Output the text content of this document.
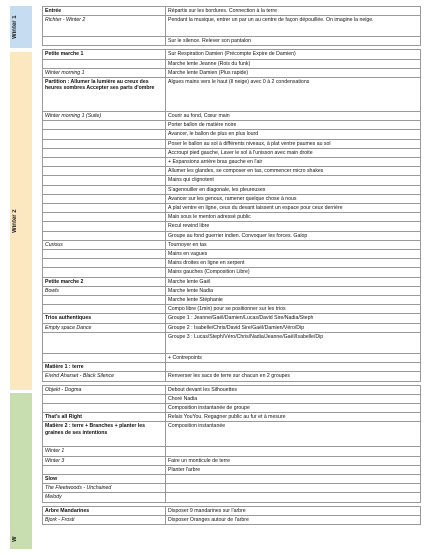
Winter 1
Winter 2
W
Entrée	Répartis sur les bordures. Connection à la terre
Richter - Winter 2	Pendant la musique, entrer un par un au centre de façon dépouillée. On imagine la neige.
	Sur le silence. Relever son pantalon

Petite marche 1	Sur Respiration Damien (Précompte Expire de Damien)
	Marche lente Jeanne (Rois du funk)
Winter morning 1	Marche lente Damien (Plus rapide)
Partition : Allumer la lumière au creux des heures sombres Accepter ses parts d'ombre	Algues mains vers le haut (Il neige) avec 0 à 2 condensations
Winter morning 1 (Suite)	Courir au fond, Cœur main
	Porter ballon de matière noire
	Avancer, le ballon de plus en plus lourd
	Poser le ballon au sol à différents niveaux, à plat ventre paumes au sol
	Accroupi pied gauche, Laver le sol à l'unisson avec main droite
	+ Expansions arrière bras gauche en l'air
	Allumer les glandes, se composer en tas, commencer micro shakes
	Mains qui clignotent
	S'agenouiller en diagonale, les pleureuses
	Avancer sur les genoux, ramener quelque chose à nous
	A plat ventre en ligne, ceux du devant laissent un espace pour ceux derrière
	Main sous le menton adressé public
	Recul rewind libre
	Groupe au fond guerrier indien. Convoquer les forces. Galop
Curious	Tournoyer en tas
	Mains en vagues
	Mains droites en ligne en serpent
	Mains gauches (Composition Libre)
Petite marche 2	Marche lente Gaël
Bowls	Marche lente Nadia
	Marche lente Stéphanie
	Compo libre (1min) pour se positionner sur les trios
Trios authentiques	Groupe 1 : Jeanne/Gaël/Damien/Lucas/David Sire/Nadia/Steph
Empty space Dance	Groupe 2 : Isabelle/Chris/David Sire/Gaël/Damien/Véro/Dip
	Groupe 3 : Lucas/Steph/Véro/Chris/Nadia/Jeanne/Gaël/Isabelle/Dip
	+ Contrepoints
Matière 1 : terre	
Eivind Aharset - Black Silence	Renverser les sacs de terre sur chacun en 2 groupes

Objekt - Dogma	Debout devant les Silhouettes
	Choré Nadia
	Composition instantanée de groupe
That's all Right	Relais YouYou. Regagner public au fur et à mesure
Matière 2 : terre + Branches + planter les graines de ses intentions	Composition instantanée
Winter 1	
Winter 3	Faire un monticule de terre
	Planter l'arbre
Slow	
The Fleetwoods - Unchained	
Melody	

Arbre Mandarines	Disposer 9 mandarines sur l'arbre
Bjork - Frosti	Disposer Oranges autour de l'arbre
